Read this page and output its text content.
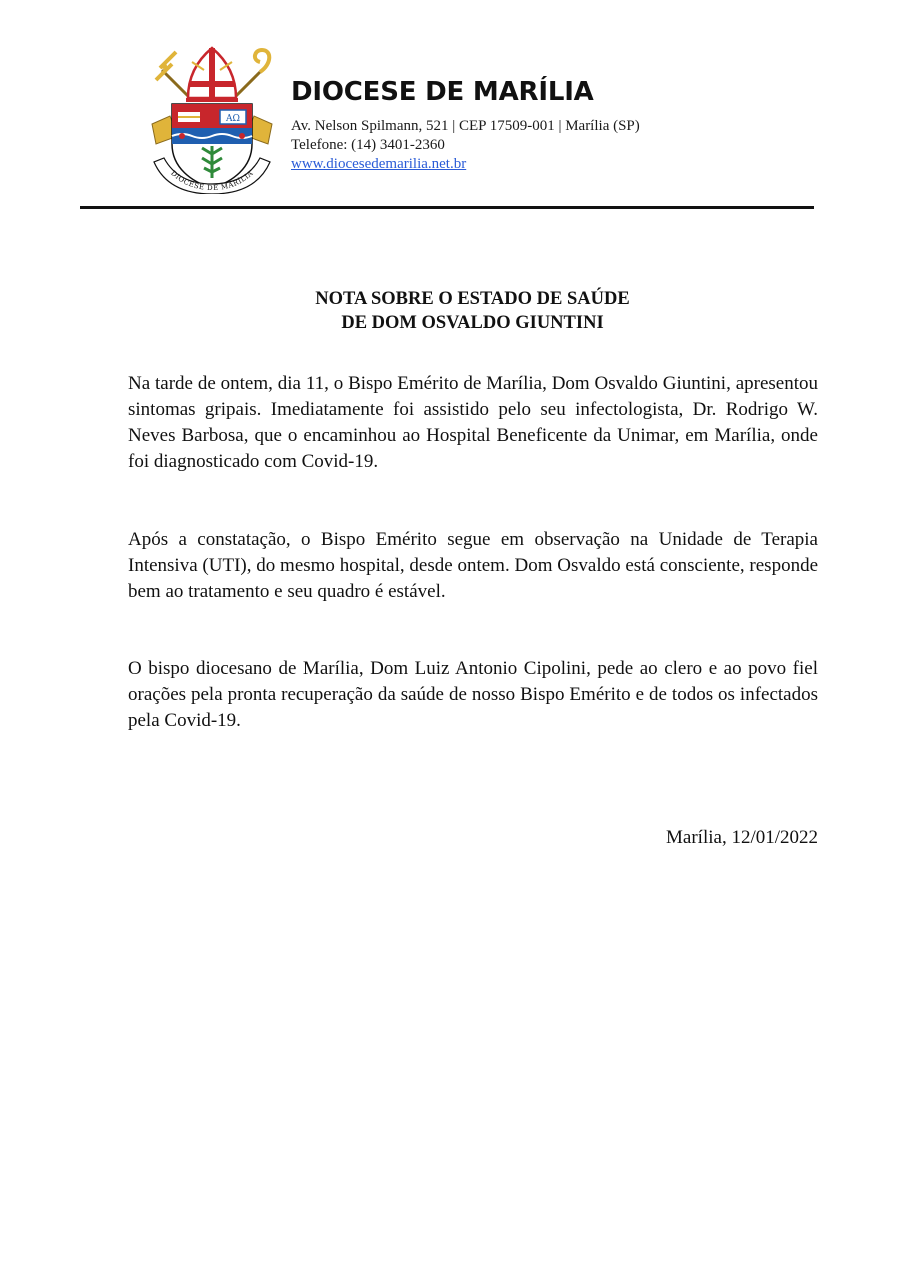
AΩ
DIOCESE DE MARÍLIA
DIOCESE DE MARÍLIA
Av. Nelson Spilmann, 521 | CEP 17509-001 | Marília (SP)
Telefone: (14) 3401-2360
www.diocesedemarilia.net.br
NOTA SOBRE O ESTADO DE SAÚDE
DE DOM OSVALDO GIUNTINI

Na tarde de ontem, dia 11, o Bispo Emérito de Marília, Dom Osvaldo Giuntini, apresentou sintomas gripais. Imediatamente foi assistido pelo seu infectologista, Dr. Rodrigo W. Neves Barbosa, que o encaminhou ao Hospital Beneficente da Unimar, em Marília, onde foi diagnosticado com Covid-19.

Após a constatação, o Bispo Emérito segue em observação na Unidade de Terapia Intensiva (UTI), do mesmo hospital, desde ontem. Dom Osvaldo está consciente, responde bem ao tratamento e seu quadro é estável.

O bispo diocesano de Marília, Dom Luiz Antonio Cipolini, pede ao clero e ao povo fiel orações pela pronta recuperação da saúde de nosso Bispo Emérito e de todos os infectados pela Covid-19.

Marília, 12/01/2022
